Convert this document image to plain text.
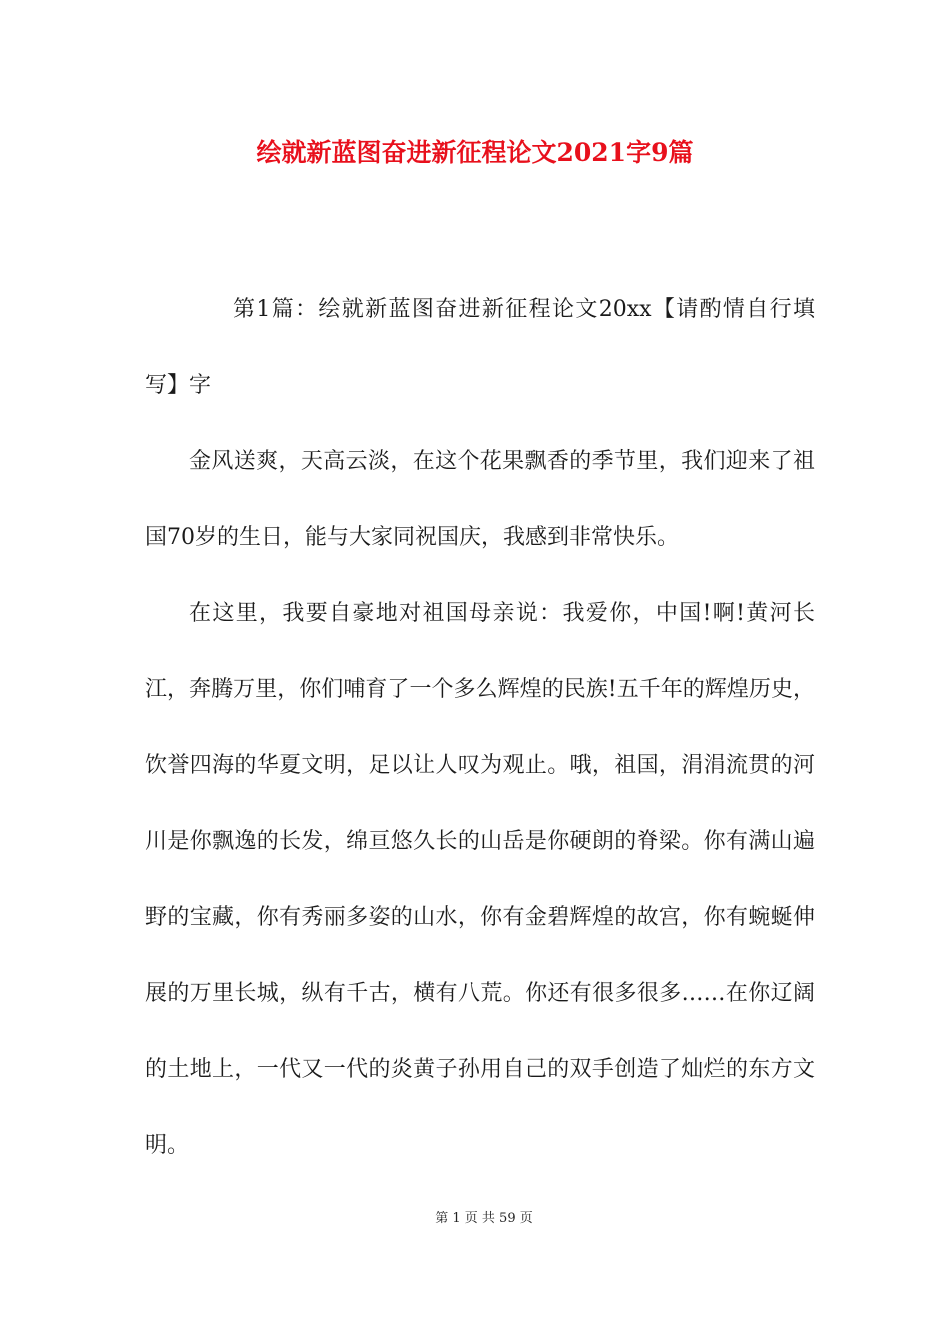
绘就新蓝图奋进新征程论文2021字9篇

第1篇：绘就新蓝图奋进新征程论文20xx【请酌情自行填写】字

金风送爽，天高云淡，在这个花果飘香的季节里，我们迎来了祖国70岁的生日，能与大家同祝国庆，我感到非常快乐。

在这里，我要自豪地对祖国母亲说：我爱你，中国!啊!黄河长江，奔腾万里，你们哺育了一个多么辉煌的民族!五千年的辉煌历史，饮誉四海的华夏文明，足以让人叹为观止。哦，祖国，涓涓流贯的河川是你飘逸的长发，绵亘悠久长的山岳是你硬朗的脊梁。你有满山遍野的宝藏，你有秀丽多姿的山水，你有金碧辉煌的故宫，你有蜿蜒伸展的万里长城，纵有千古，横有八荒。你还有很多很多……在你辽阔的土地上，一代又一代的炎黄子孙用自己的双手创造了灿烂的东方文明。

第 1 页 共 59 页
